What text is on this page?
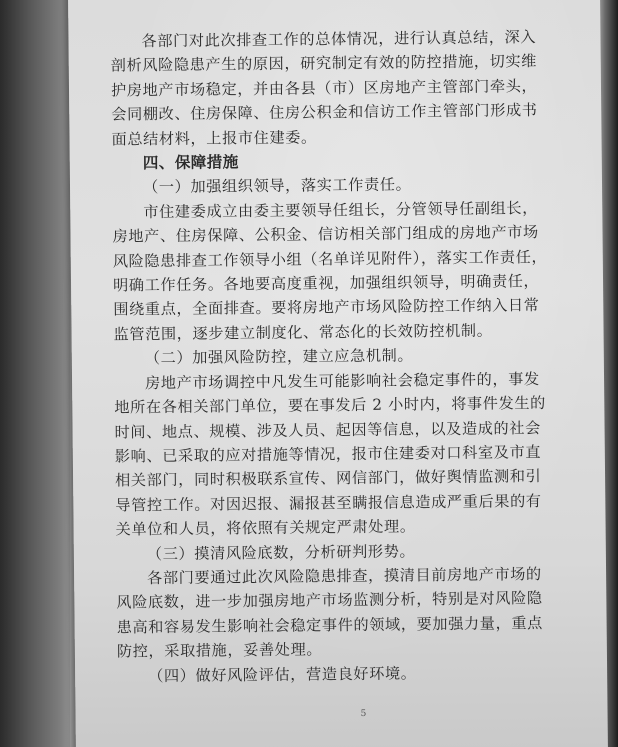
各部门对此次排查工作的总体情况，进行认真总结，深入
剖析风险隐患产生的原因，研究制定有效的防控措施，切实维
护房地产市场稳定，并由各县（市）区房地产主管部门牵头，
会同棚改、住房保障、住房公积金和信访工作主管部门形成书
面总结材料，上报市住建委。

四、保障措施

（一）加强组织领导，落实工作责任。

市住建委成立由委主要领导任组长，分管领导任副组长，
房地产、住房保障、公积金、信访相关部门组成的房地产市场
风险隐患排查工作领导小组（名单详见附件），落实工作责任，
明确工作任务。各地要高度重视，加强组织领导，明确责任，
围绕重点，全面排查。要将房地产市场风险防控工作纳入日常
监管范围，逐步建立制度化、常态化的长效防控机制。

（二）加强风险防控，建立应急机制。

房地产市场调控中凡发生可能影响社会稳定事件的，事发
地所在各相关部门单位，要在事发后 2 小时内，将事件发生的
时间、地点、规模、涉及人员、起因等信息，以及造成的社会
影响、已采取的应对措施等情况，报市住建委对口科室及市直
相关部门，同时积极联系宣传、网信部门，做好舆情监测和引
导管控工作。对因迟报、漏报甚至瞒报信息造成严重后果的有
关单位和人员，将依照有关规定严肃处理。

（三）摸清风险底数，分析研判形势。

各部门要通过此次风险隐患排查，摸清目前房地产市场的
风险底数，进一步加强房地产市场监测分析，特别是对风险隐
患高和容易发生影响社会稳定事件的领域，要加强力量，重点
防控，采取措施，妥善处理。

（四）做好风险评估，营造良好环境。

5
